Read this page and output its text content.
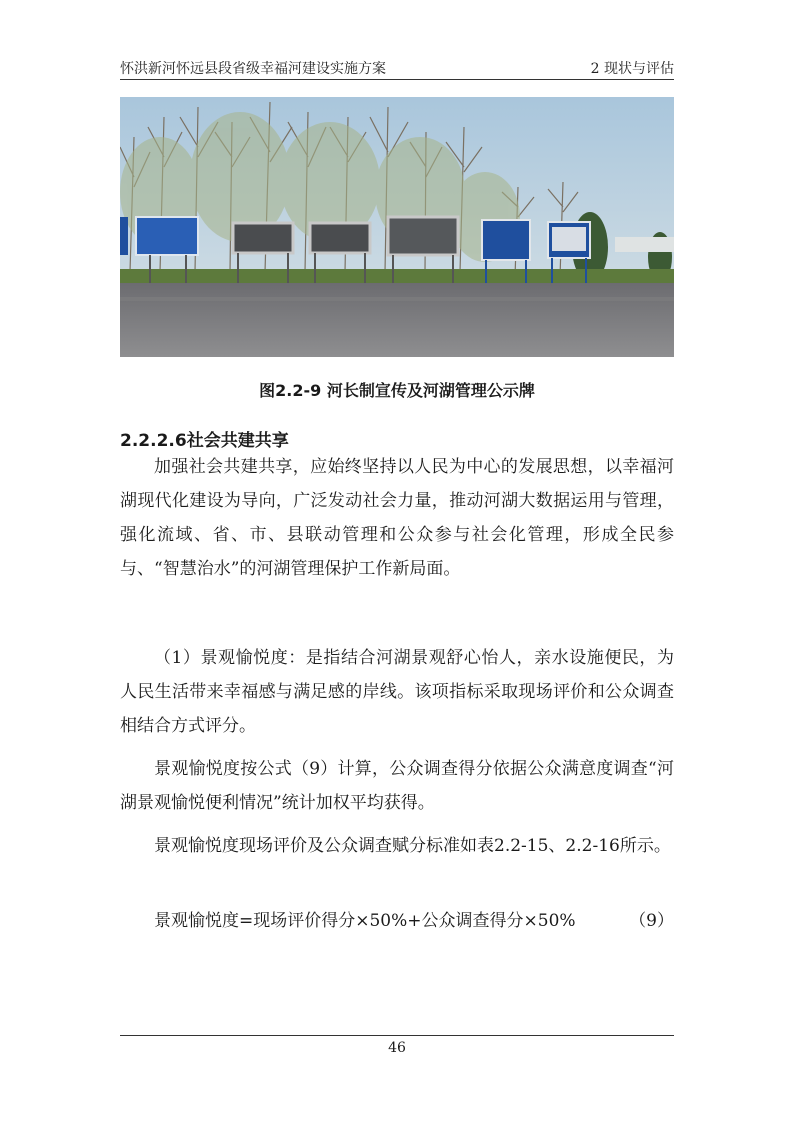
怀洪新河怀远县段省级幸福河建设实施方案	2 现状与评估
图2.2-9 河长制宣传及河湖管理公示牌
2.2.2.6社会共建共享

加强社会共建共享，应始终坚持以人民为中心的发展思想，以幸福河湖现代化建设为导向，广泛发动社会力量，推动河湖大数据运用与管理，强化流域、省、市、县联动管理和公众参与社会化管理，形成全民参与、“智慧治水”的河湖管理保护工作新局面。

（1）景观愉悦度：是指结合河湖景观舒心怡人，亲水设施便民，为人民生活带来幸福感与满足感的岸线。该项指标采取现场评价和公众调查相结合方式评分。

景观愉悦度按公式（9）计算，公众调查得分依据公众满意度调查“河湖景观愉悦便利情况”统计加权平均获得。

景观愉悦度现场评价及公众调查赋分标准如表2.2-15、2.2-16所示。

景观愉悦度=现场评价得分×50%+公众调查得分×50%	（9）
46
